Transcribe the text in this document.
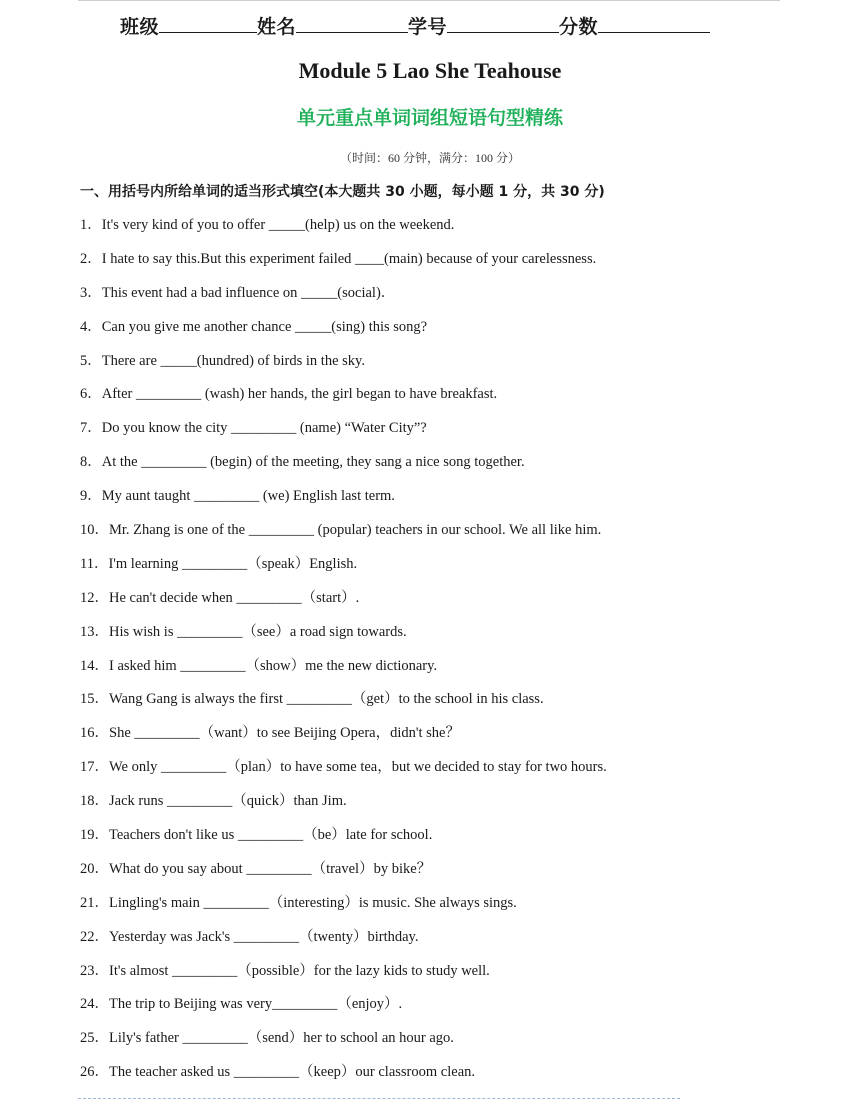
班级	姓名	学号	分数
Module 5 Lao She Teahouse
单元重点单词词组短语句型精练
（时间：60 分钟，满分：100 分）
一、用括号内所给单词的适当形式填空(本大题共 30 小题，每小题 1 分，共 30 分)
1．It's very kind of you to offer _____(help) us on the weekend.
2．I hate to say this.But this experiment failed ____(main) because of your carelessness.
3．This event had a bad influence on _____(social)．
4．Can you give me another chance _____(sing) this song?
5．There are _____(hundred) of birds in the sky.
6．After _________ (wash) her hands, the girl began to have breakfast.
7．Do you know the city _________ (name) “Water City”?
8．At the _________ (begin) of the meeting, they sang a nice song together.
9．My aunt taught _________ (we) English last term.
10．Mr. Zhang is one of the _________ (popular) teachers in our school. We all like him.
11．I'm learning _________（speak）English.
12．He can't decide when _________（start）.
13．His wish is _________（see）a road sign towards.
14．I asked him _________（show）me the new dictionary.
15．Wang Gang is always the first _________（get）to the school in his class.
16．She _________（want）to see Beijing Opera，didn't she？
17．We only _________（plan）to have some tea，but we decided to stay for two hours.
18．Jack runs _________（quick）than Jim.
19．Teachers don't like us _________（be）late for school.
20．What do you say about _________（travel）by bike？
21．Lingling's main _________（interesting）is music. She always sings.
22．Yesterday was Jack's _________（twenty）birthday.
23．It's almost _________（possible）for the lazy kids to study well.
24．The trip to Beijing was very_________（enjoy）.
25．Lily's father _________（send）her to school an hour ago.
26．The teacher asked us _________（keep）our classroom clean.
